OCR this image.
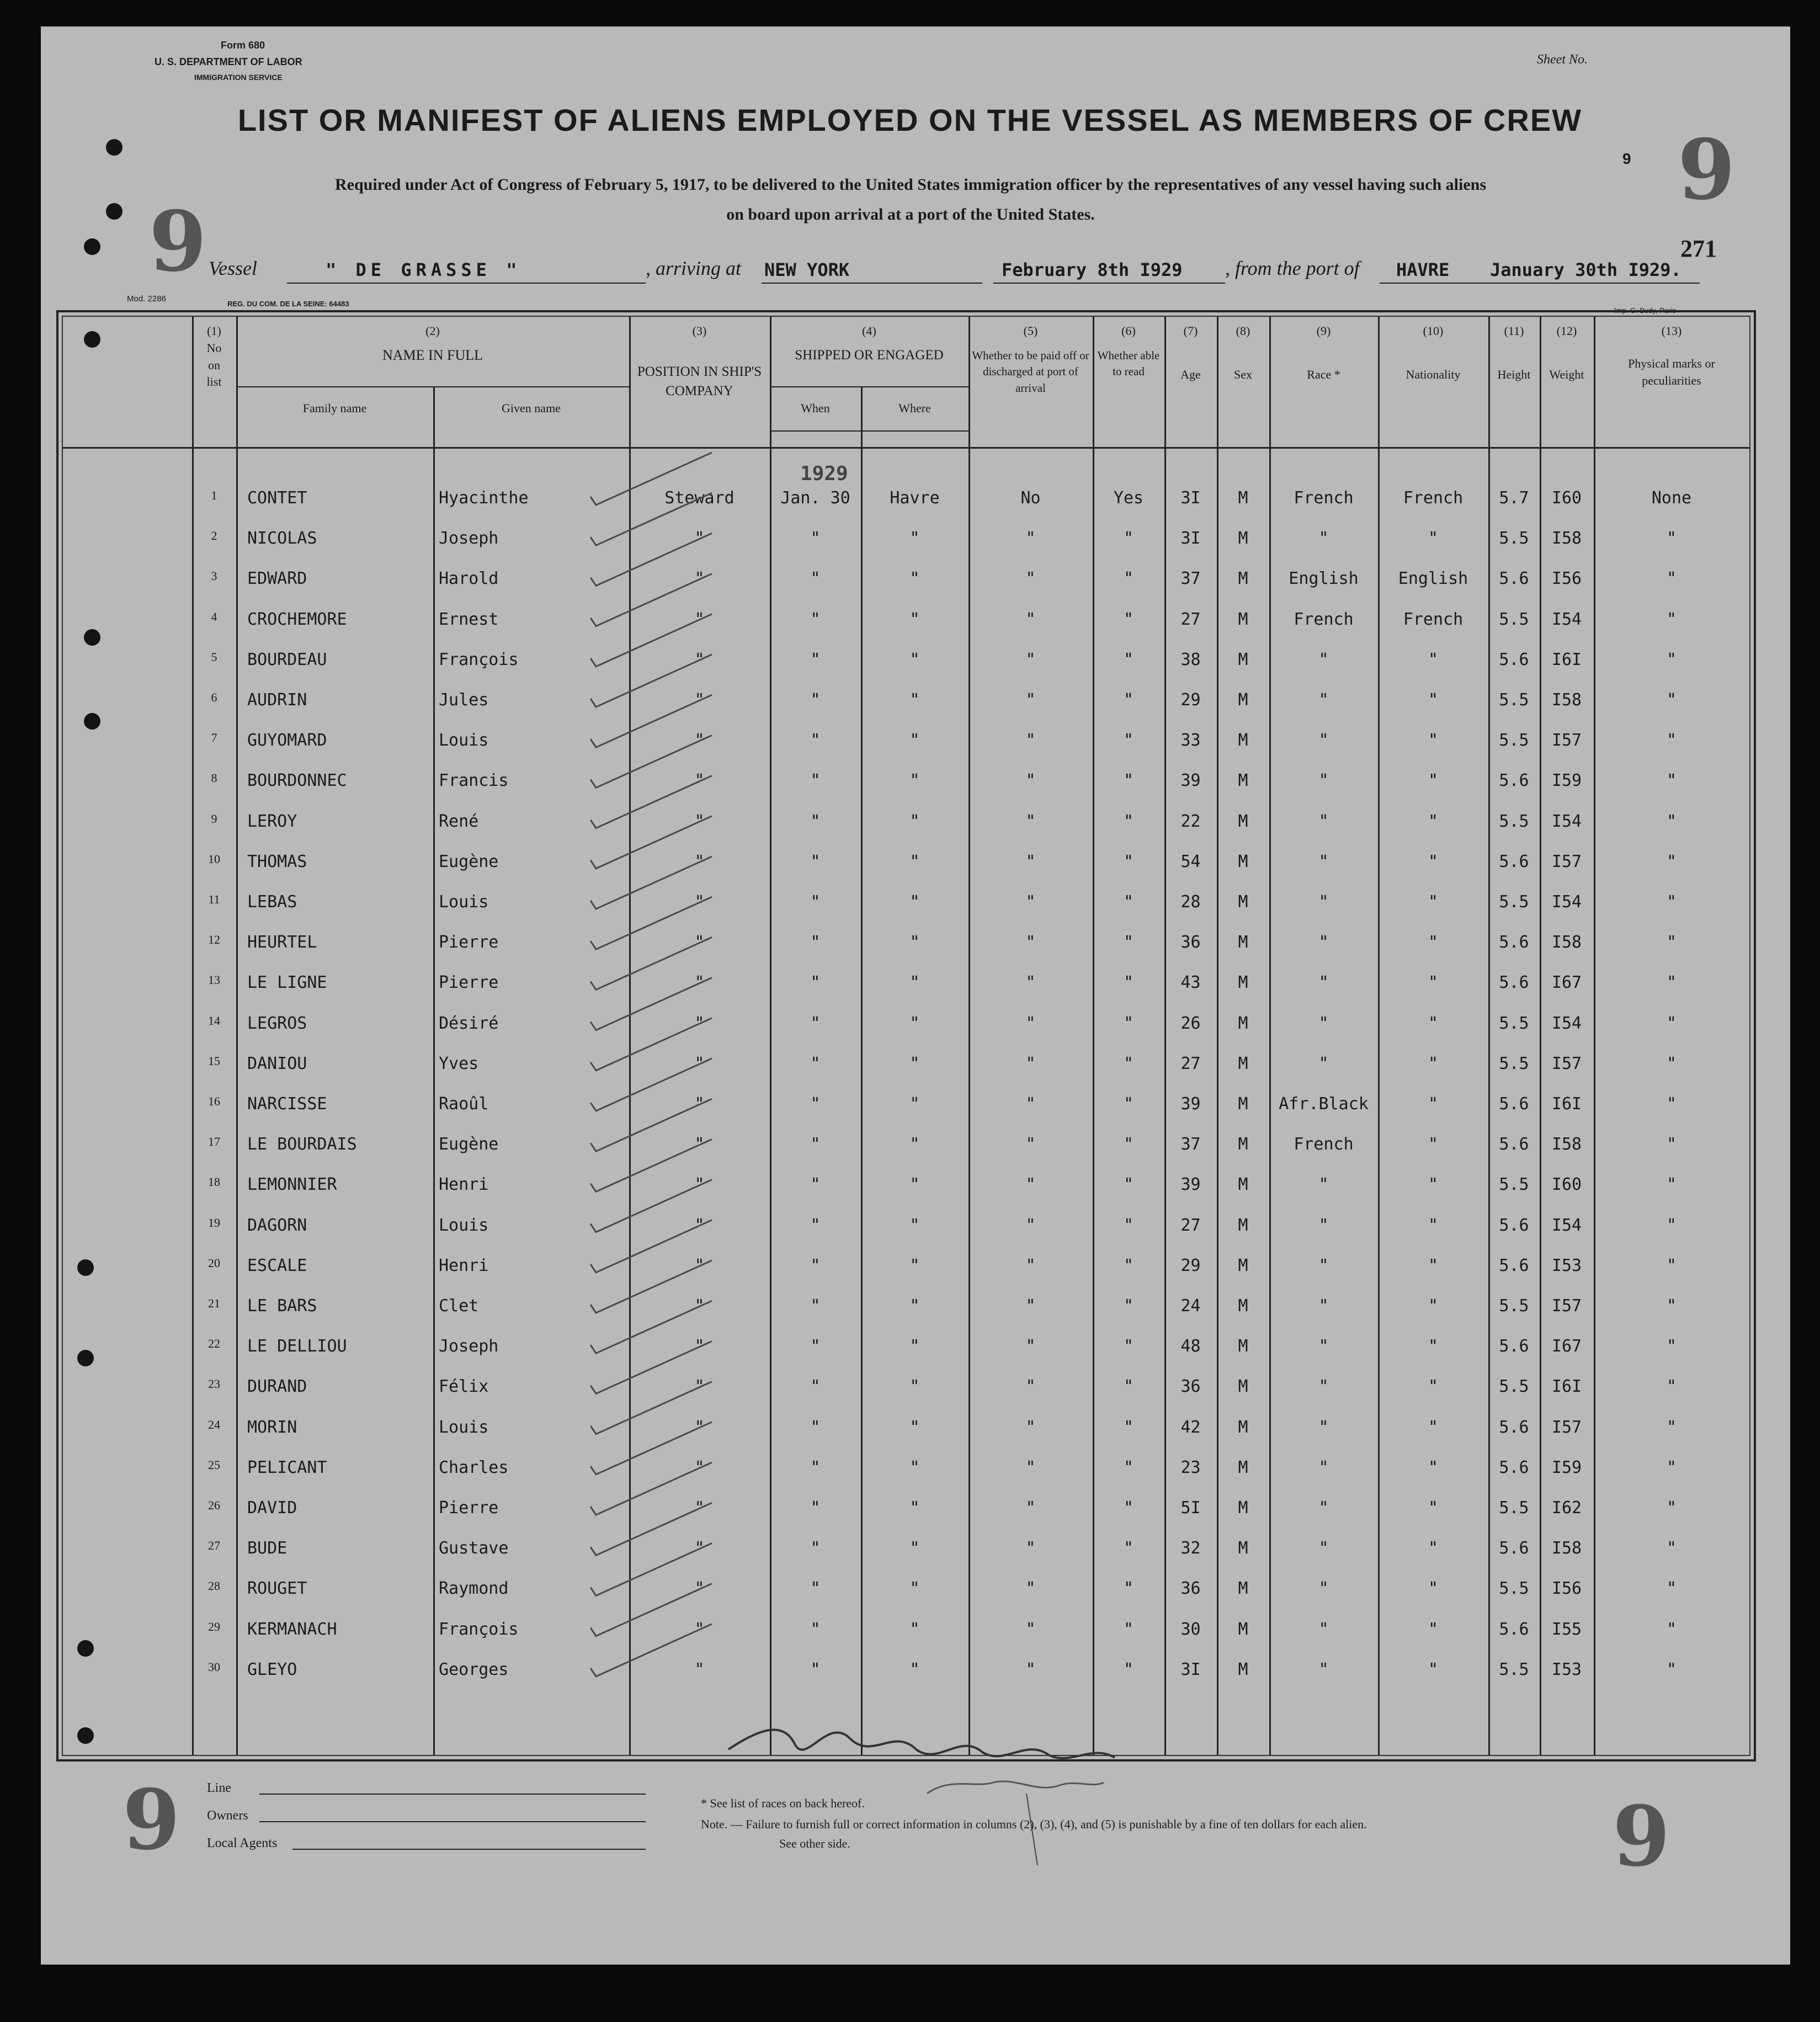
Form 680
U. S. DEPARTMENT OF LABOR
IMMIGRATION SERVICE
Sheet No.
LIST OR MANIFEST OF ALIENS EMPLOYED ON THE VESSEL AS MEMBERS OF CREW
Required under Act of Congress of February 5, 1917, to be delivered to the United States immigration officer by the representatives of any vessel having such aliens
on board upon arrival at a port of the United States.
9
9
9
271
Vessel	" DE GRASSE "	, arriving at NEW YORK	February 8th I929 , from the port of HAVRE January 30th I929.
Mod. 2286
REG. DU COM. DE LA SEINE: 64483
Imp. G. Budy, Paris
(1)
No on list
(2)
NAME IN FULL
Family name	Given name
(3)
POSITION IN SHIP'S COMPANY
(4)
SHIPPED OR ENGAGED
When	Where
(5)
Whether to be paid off or discharged at port of arrival
(6)
Whether able to read
(7)
Age
(8)
Sex
(9)
Race *
(10)
Nationality
(11)
Height
(12)
Weight
(13)
Physical marks or peculiarities
1929
1	CONTET	Hyacinthe	Steward	Jan. 30	Havre	No	Yes	3I	M	French	French	5.7	I60	None
2	NICOLAS	Joseph	"	"	"	"	"	3I	M	"	"	5.5	I58	"
3	EDWARD	Harold	"	"	"	"	"	37	M	English	English	5.6	I56	"
4	CROCHEMORE	Ernest	"	"	"	"	"	27	M	French	French	5.5	I54	"
5	BOURDEAU	François	"	"	"	"	"	38	M	"	"	5.6	I6I	"
6	AUDRIN	Jules	"	"	"	"	"	29	M	"	"	5.5	I58	"
7	GUYOMARD	Louis	"	"	"	"	"	33	M	"	"	5.5	I57	"
8	BOURDONNEC	Francis	"	"	"	"	"	39	M	"	"	5.6	I59	"
9	LEROY	René	"	"	"	"	"	22	M	"	"	5.5	I54	"
10	THOMAS	Eugène	"	"	"	"	"	54	M	"	"	5.6	I57	"
11	LEBAS	Louis	"	"	"	"	"	28	M	"	"	5.5	I54	"
12	HEURTEL	Pierre	"	"	"	"	"	36	M	"	"	5.6	I58	"
13	LE LIGNE	Pierre	"	"	"	"	"	43	M	"	"	5.6	I67	"
14	LEGROS	Désiré	"	"	"	"	"	26	M	"	"	5.5	I54	"
15	DANIOU	Yves	"	"	"	"	"	27	M	"	"	5.5	I57	"
16	NARCISSE	Raoûl	"	"	"	"	"	39	M	Afr.Black	"	5.6	I6I	"
17	LE BOURDAIS	Eugène	"	"	"	"	"	37	M	French	"	5.6	I58	"
18	LEMONNIER	Henri	"	"	"	"	"	39	M	"	"	5.5	I60	"
19	DAGORN	Louis	"	"	"	"	"	27	M	"	"	5.6	I54	"
20	ESCALE	Henri	"	"	"	"	"	29	M	"	"	5.6	I53	"
21	LE BARS	Clet	"	"	"	"	"	24	M	"	"	5.5	I57	"
22	LE DELLIOU	Joseph	"	"	"	"	"	48	M	"	"	5.6	I67	"
23	DURAND	Félix	"	"	"	"	"	36	M	"	"	5.5	I6I	"
24	MORIN	Louis	"	"	"	"	"	42	M	"	"	5.6	I57	"
25	PELICANT	Charles	"	"	"	"	"	23	M	"	"	5.6	I59	"
26	DAVID	Pierre	"	"	"	"	"	5I	M	"	"	5.5	I62	"
27	BUDE	Gustave	"	"	"	"	"	32	M	"	"	5.6	I58	"
28	ROUGET	Raymond	"	"	"	"	"	36	M	"	"	5.5	I56	"
29	KERMANACH	François	"	"	"	"	"	30	M	"	"	5.6	I55	"
30	GLEYO	Georges	"	"	"	"	"	3I	M	"	"	5.5	I53	"
9	9
Line
Owners
Local Agents
* See list of races on back hereof.
Note. — Failure to furnish full or correct information in columns (2), (3), (4), and (5) is punishable by a fine of ten dollars for each alien.
See other side.
